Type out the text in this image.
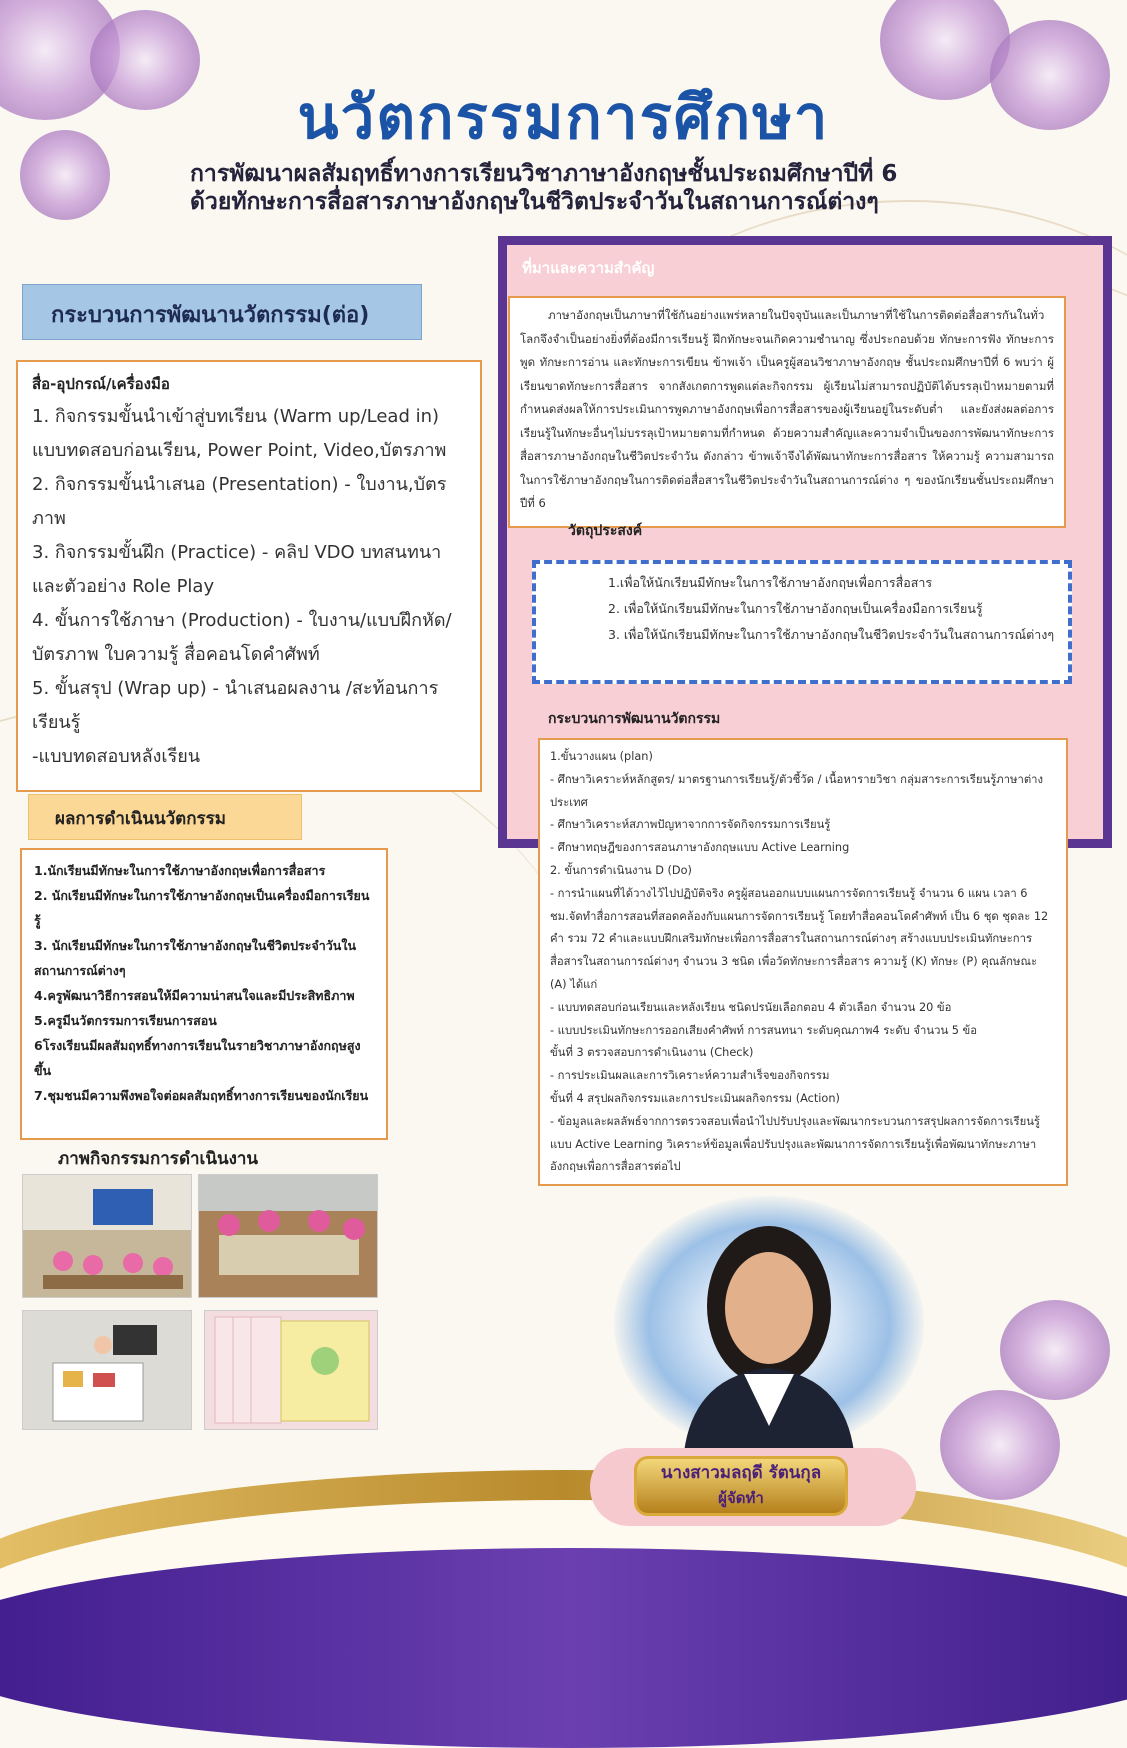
นวัตกรรมการศึกษา
การพัฒนาผลสัมฤทธิ์ทางการเรียนวิชาภาษาอังกฤษชั้นประถมศึกษาปีที่ 6
ด้วยทักษะการสื่อสารภาษาอังกฤษในชีวิตประจำวันในสถานการณ์ต่างๆ
กระบวนการพัฒนานวัตกรรม(ต่อ)
สื่อ-อุปกรณ์/เครื่องมือ
1. กิจกรรมขั้นนำเข้าสู่บทเรียน (Warm up/Lead in) แบบทดสอบก่อนเรียน, Power Point, Video,บัตรภาพ
2. กิจกรรมขั้นนำเสนอ (Presentation) - ใบงาน,บัตรภาพ
3. กิจกรรมขั้นฝึก (Practice) - คลิป VDO บทสนทนา และตัวอย่าง Role Play
4. ขั้นการใช้ภาษา (Production) - ใบงาน/แบบฝึกหัด/บัตรภาพ ใบความรู้ สื่อคอนโดคำศัพท์
5. ขั้นสรุป (Wrap up) - นำเสนอผลงาน /สะท้อนการเรียนรู้
-แบบทดสอบหลังเรียน
ผลการดำเนินนวัตกรรม
1.นักเรียนมีทักษะในการใช้ภาษาอังกฤษเพื่อการสื่อสาร
2. นักเรียนมีทักษะในการใช้ภาษาอังกฤษเป็นเครื่องมือการเรียนรู้
3. นักเรียนมีทักษะในการใช้ภาษาอังกฤษในชีวิตประจำวันในสถานการณ์ต่างๆ
4.ครูพัฒนาวิธีการสอนให้มีความน่าสนใจและมีประสิทธิภาพ
5.ครูมีนวัตกรรมการเรียนการสอน
6โรงเรียนมีผลสัมฤทธิ์ทางการเรียนในรายวิชาภาษาอังกฤษสูงขึ้น
7.ชุมชนมีความพึงพอใจต่อผลสัมฤทธิ์ทางการเรียนของนักเรียน
ภาพกิจกรรมการดำเนินงาน
ที่มาและความสำคัญ
ภาษาอังกฤษเป็นภาษาที่ใช้กันอย่างแพร่หลายในปัจจุบันและเป็นภาษาที่ใช้ในการติดต่อสื่อสารกันในทั่วโลกจึงจำเป็นอย่างยิ่งที่ต้องมีการเรียนรู้ ฝึกทักษะจนเกิดความชำนาญ ซึ่งประกอบด้วย ทักษะการฟัง ทักษะการพูด ทักษะการอ่าน และทักษะการเขียน ข้าพเจ้า เป็นครูผู้สอนวิชาภาษาอังกฤษ ชั้นประถมศึกษาปีที่ 6 พบว่า ผู้เรียนขาดทักษะการสื่อสาร จากสังเกตการพูดแต่ละกิจกรรม ผู้เรียนไม่สามารถปฏิบัติได้บรรลุเป้าหมายตามที่กำหนดส่งผลให้การประเมินการพูดภาษาอังกฤษเพื่อการสื่อสารของผู้เรียนอยู่ในระดับต่ำ และยังส่งผลต่อการเรียนรู้ในทักษะอื่นๆไม่บรรลุเป้าหมายตามที่กำหนด ด้วยความสำคัญและความจำเป็นของการพัฒนาทักษะการสื่อสารภาษาอังกฤษในชีวิตประจำวัน ดังกล่าว ข้าพเจ้าจึงได้พัฒนาทักษะการสื่อสาร ให้ความรู้ ความสามารถในการใช้ภาษาอังกฤษในการติดต่อสื่อสารในชีวิตประจำวันในสถานการณ์ต่าง ๆ ของนักเรียนชั้นประถมศึกษาปีที่ 6
วัตถุประสงค์
1.เพื่อให้นักเรียนมีทักษะในการใช้ภาษาอังกฤษเพื่อการสื่อสาร
2. เพื่อให้นักเรียนมีทักษะในการใช้ภาษาอังกฤษเป็นเครื่องมือการเรียนรู้
3. เพื่อให้นักเรียนมีทักษะในการใช้ภาษาอังกฤษในชีวิตประจำวันในสถานการณ์ต่างๆ
กระบวนการพัฒนานวัตกรรม
1.ขั้นวางแผน (plan)
- ศึกษาวิเคราะห์หลักสูตร/ มาตรฐานการเรียนรู้/ตัวชี้วัด / เนื้อหารายวิชา กลุ่มสาระการเรียนรู้ภาษาต่างประเทศ
- ศึกษาวิเคราะห์สภาพปัญหาจากการจัดกิจกรรมการเรียนรู้
- ศึกษาทฤษฎีของการสอนภาษาอังกฤษแบบ Active Learning
2. ขั้นการดำเนินงาน D (Do)
- การนำแผนที่ได้วางไว้ไปปฏิบัติจริง ครูผู้สอนออกแบบแผนการจัดการเรียนรู้ จำนวน 6 แผน เวลา 6 ชม.จัดทำสื่อการสอนที่สอดคล้องกับแผนการจัดการเรียนรู้ โดยทำสื่อคอนโดคำศัพท์ เป็น 6 ชุด ชุดละ 12 คำ รวม 72 คำและแบบฝึกเสริมทักษะเพื่อการสื่อสารในสถานการณ์ต่างๆ สร้างแบบประเมินทักษะการสื่อสารในสถานการณ์ต่างๆ จำนวน 3 ชนิด เพื่อวัดทักษะการสื่อสาร ความรู้ (K) ทักษะ (P) คุณลักษณะ (A) ได้แก่
- แบบทดสอบก่อนเรียนและหลังเรียน ชนิดปรนัยเลือกตอบ 4 ตัวเลือก จำนวน 20 ข้อ
- แบบประเมินทักษะการออกเสียงคำศัพท์ การสนทนา ระดับคุณภาพ4 ระดับ จำนวน 5 ข้อ
ขั้นที่ 3 ตรวจสอบการดำเนินงาน (Check)
- การประเมินผลและการวิเคราะห์ความสำเร็จของกิจกรรม
ขั้นที่ 4 สรุปผลกิจกรรมและการประเมินผลกิจกรรม (Action)
- ข้อมูลและผลลัพธ์จากการตรวจสอบเพื่อนำไปปรับปรุงและพัฒนากระบวนการสรุปผลการจัดการเรียนรู้แบบ Active Learning วิเคราะห์ข้อมูลเพื่อปรับปรุงและพัฒนาการจัดการเรียนรู้เพื่อพัฒนาทักษะภาษาอังกฤษเพื่อการสื่อสารต่อไป
นางสาวมลฤดี รัตนกุล
ผู้จัดทำ
